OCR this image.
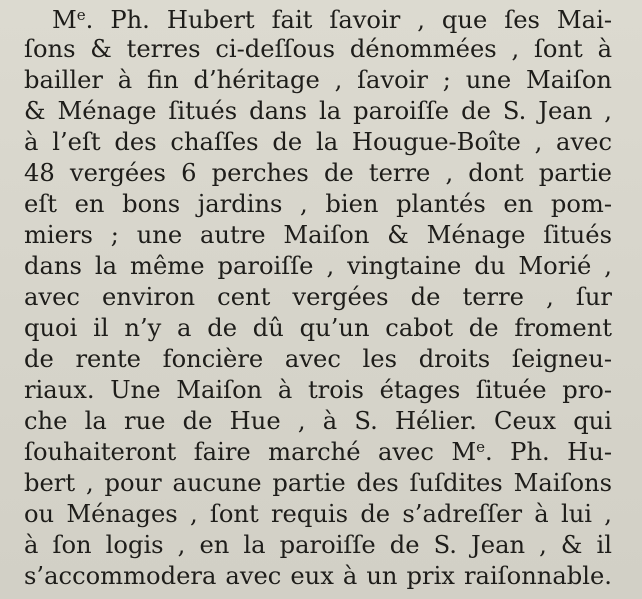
Me. Ph. Hubert fait ſavoir , que ſes Mai-
ſons & terres ci-deſſous dénommées , ſont à
bailler à fin d’héritage , ſavoir ; une Maiſon
& Ménage ſitués dans la paroiſſe de S. Jean ,
à l’eſt des chaſſes de la Hougue-Boîte , avec
48 vergées 6 perches de terre , dont partie
eſt en bons jardins , bien plantés en pom-
miers ; une autre Maiſon & Ménage ſitués
dans la même paroiſſe , vingtaine du Morié ,
avec environ cent vergées de terre , ſur
quoi il n’y a de dû qu’un cabot de froment
de rente foncière avec les droits ſeigneu-
riaux. Une Maiſon à trois étages ſituée pro-
che la rue de Hue , à S. Hélier. Ceux qui
ſouhaiteront faire marché avec Me. Ph. Hu-
bert , pour aucune partie des ſuſdites Maiſons
ou Ménages , ſont requis de s’adreſſer à lui ,
à ſon logis , en la paroiſſe de S. Jean , & il
s’accommodera avec eux à un prix raiſonnable.
